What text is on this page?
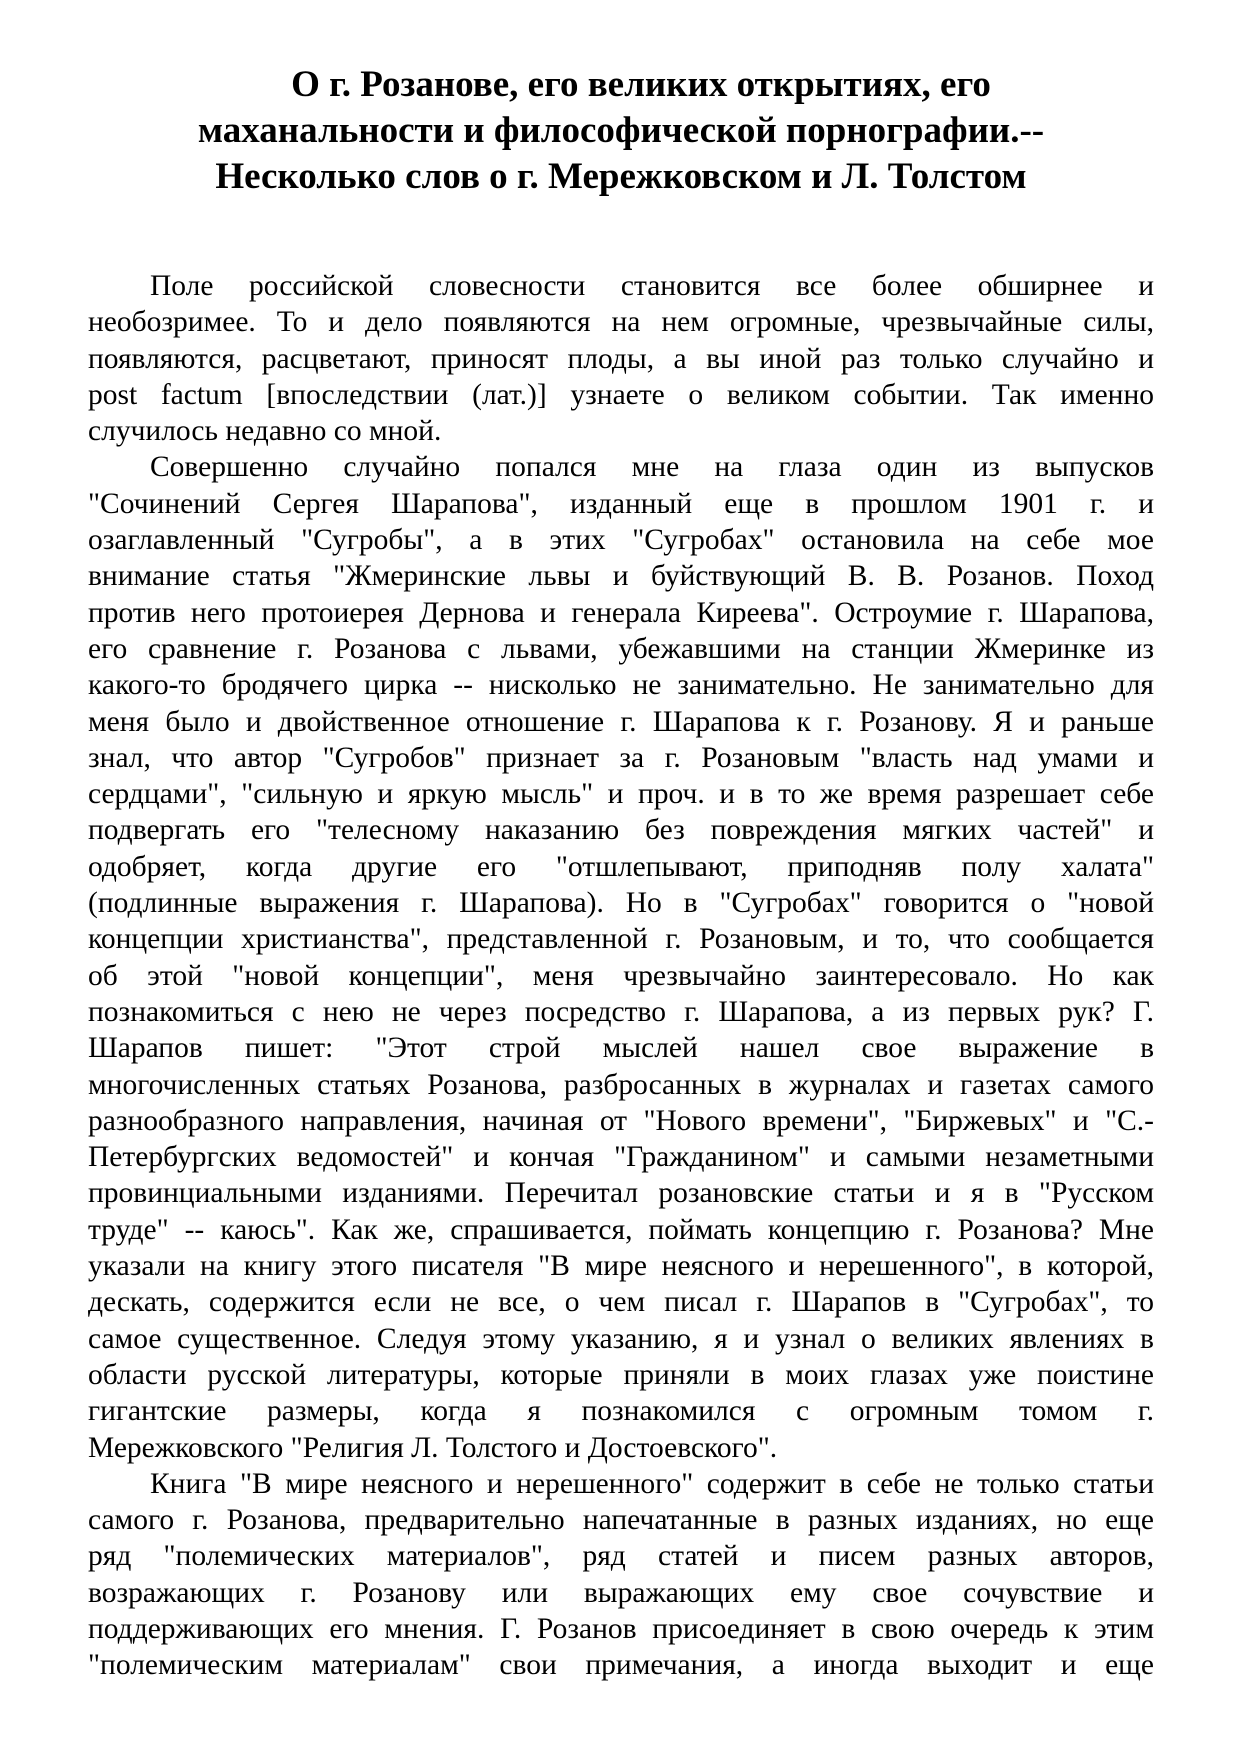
О г. Розанове, его великих открытиях, его
маханальности и философической порнографии.--
Несколько слов о г. Мережковском и Л. Толстом

Поле российской словесности становится все более обширнее и
необозримее. То и дело появляются на нем огромные, чрезвычайные силы,
появляются, расцветают, приносят плоды, а вы иной раз только случайно и
post factum [впоследствии (лат.)] узнаете о великом событии. Так именно
случилось недавно со мной.

Совершенно случайно попался мне на глаза один из выпусков
"Сочинений Сергея Шарапова", изданный еще в прошлом 1901 г. и
озаглавленный "Сугробы", а в этих "Сугробах" остановила на себе мое
внимание статья "Жмеринские львы и буйствующий В. В. Розанов. Поход
против него протоиерея Дернова и генерала Киреева". Остроумие г. Шарапова,
его сравнение г. Розанова с львами, убежавшими на станции Жмеринке из
какого-то бродячего цирка -- нисколько не занимательно. Не занимательно для
меня было и двойственное отношение г. Шарапова к г. Розанову. Я и раньше
знал, что автор "Сугробов" признает за г. Розановым "власть над умами и
сердцами", "сильную и яркую мысль" и проч. и в то же время разрешает себе
подвергать его "телесному наказанию без повреждения мягких частей" и
одобряет, когда другие его "отшлепывают, приподняв полу халата"
(подлинные выражения г. Шарапова). Но в "Сугробах" говорится о "новой
концепции христианства", представленной г. Розановым, и то, что сообщается
об этой "новой концепции", меня чрезвычайно заинтересовало. Но как
познакомиться с нею не через посредство г. Шарапова, а из первых рук? Г.
Шарапов пишет: "Этот строй мыслей нашел свое выражение в
многочисленных статьях Розанова, разбросанных в журналах и газетах самого
разнообразного направления, начиная от "Нового времени", "Биржевых" и "С.-
Петербургских ведомостей" и кончая "Гражданином" и самыми незаметными
провинциальными изданиями. Перечитал розановские статьи и я в "Русском
труде" -- каюсь". Как же, спрашивается, поймать концепцию г. Розанова? Мне
указали на книгу этого писателя "В мире неясного и нерешенного", в которой,
дескать, содержится если не все, о чем писал г. Шарапов в "Сугробах", то
самое существенное. Следуя этому указанию, я и узнал о великих явлениях в
области русской литературы, которые приняли в моих глазах уже поистине
гигантские размеры, когда я познакомился с огромным томом г.
Мережковского "Религия Л. Толстого и Достоевского".

Книга "В мире неясного и нерешенного" содержит в себе не только статьи
самого г. Розанова, предварительно напечатанные в разных изданиях, но еще
ряд "полемических материалов", ряд статей и писем разных авторов,
возражающих г. Розанову или выражающих ему свое сочувствие и
поддерживающих его мнения. Г. Розанов присоединяет в свою очередь к этим
"полемическим материалам" свои примечания, а иногда выходит и еще
